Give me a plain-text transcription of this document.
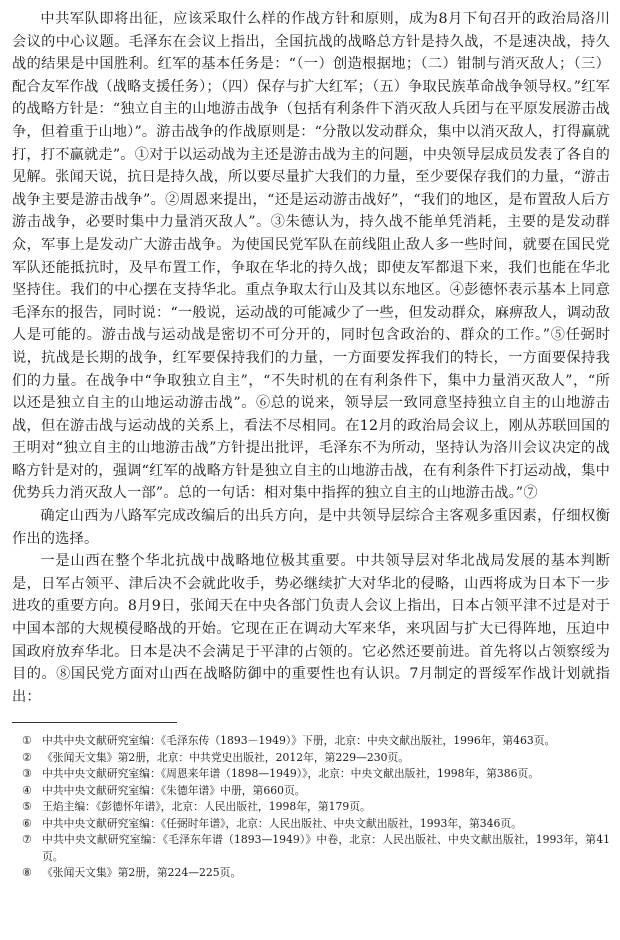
中共军队即将出征，应该采取什么样的作战方针和原则，成为8月下旬召开的政治局洛川会议的中心议题。毛泽东在会议上指出，全国抗战的战略总方针是持久战，不是速决战，持久战的结果是中国胜利。红军的基本任务是：“（一）创造根据地；（二）钳制与消灭敌人；（三）配合友军作战（战略支援任务）；（四）保存与扩大红军；（五）争取民族革命战争领导权。”红军的战略方针是：“独立自主的山地游击战争（包括有利条件下消灭敌人兵团与在平原发展游击战争，但着重于山地）”。游击战争的作战原则是：“分散以发动群众，集中以消灭敌人，打得赢就打，打不赢就走”。①对于以运动战为主还是游击战为主的问题，中央领导层成员发表了各自的见解。张闻天说，抗日是持久战，所以要尽量扩大我们的力量，至少要保存我们的力量，“游击战争主要是游击战争”。②周恩来提出，“还是运动游击战好”，“我们的地区，是布置敌人后方游击战争，必要时集中力量消灭敌人”。③朱德认为，持久战不能单凭消耗，主要的是发动群众，军事上是发动广大游击战争。为使国民党军队在前线阻止敌人多一些时间，就要在国民党军队还能抵抗时，及早布置工作，争取在华北的持久战；即使友军都退下来，我们也能在华北坚持住。我们的中心摆在支持华北。重点争取太行山及其以东地区。④彭德怀表示基本上同意毛泽东的报告，同时说：“一般说，运动战的可能减少了一些，但发动群众，麻痹敌人，调动敌人是可能的。游击战与运动战是密切不可分开的，同时包含政治的、群众的工作。”⑤任弼时说，抗战是长期的战争，红军要保持我们的力量，一方面要发挥我们的特长，一方面要保持我们的力量。在战争中“争取独立自主”，“不失时机的在有利条件下，集中力量消灭敌人”，“所以还是独立自主的山地运动游击战”。⑥总的说来，领导层一致同意坚持独立自主的山地游击战，但在游击战与运动战的关系上，看法不尽相同。在12月的政治局会议上，刚从苏联回国的王明对“独立自主的山地游击战”方针提出批评，毛泽东不为所动，坚持认为洛川会议决定的战略方针是对的，强调“红军的战略方针是独立自主的山地游击战，在有利条件下打运动战，集中优势兵力消灭敌人一部”。总的一句话：相对集中指挥的独立自主的山地游击战。”⑦

确定山西为八路军完成改编后的出兵方向，是中共领导层综合主客观多重因素，仔细权衡作出的选择。

一是山西在整个华北抗战中战略地位极其重要。中共领导层对华北战局发展的基本判断是，日军占领平、津后决不会就此收手，势必继续扩大对华北的侵略，山西将成为日本下一步进攻的重要方向。8月9日，张闻天在中央各部门负责人会议上指出，日本占领平津不过是对于中国本部的大规模侵略战的开始。它现在正在调动大军来华，来巩固与扩大已得阵地，压迫中国政府放弃华北。日本是决不会满足于平津的占领的。它必然还要前进。首先将以占领察绥为目的。⑧国民党方面对山西在战略防御中的重要性也有认识。7月制定的晋绥军作战计划就指出：

① 中共中央文献研究室编：《毛泽东传（1893－1949）》下册，北京：中央文献出版社，1996年，第463页。
② 《张闻天文集》第2册，北京：中共党史出版社，2012年，第229—230页。
③ 中共中央文献研究室编：《周恩来年谱（1898—1949）》，北京：中央文献出版社，1998年，第386页。
④ 中共中央文献研究室编：《朱德年谱》中册，第660页。
⑤ 王焰主编：《彭德怀年谱》，北京：人民出版社，1998年，第179页。
⑥ 中共中央文献研究室编：《任弼时年谱》，北京：人民出版社、中央文献出版社，1993年，第346页。
⑦ 中共中央文献研究室编：《毛泽东年谱（1893—1949）》中卷，北京：人民出版社、中央文献出版社，1993年，第41页。
⑧ 《张闻天文集》第2册，第224—225页。
